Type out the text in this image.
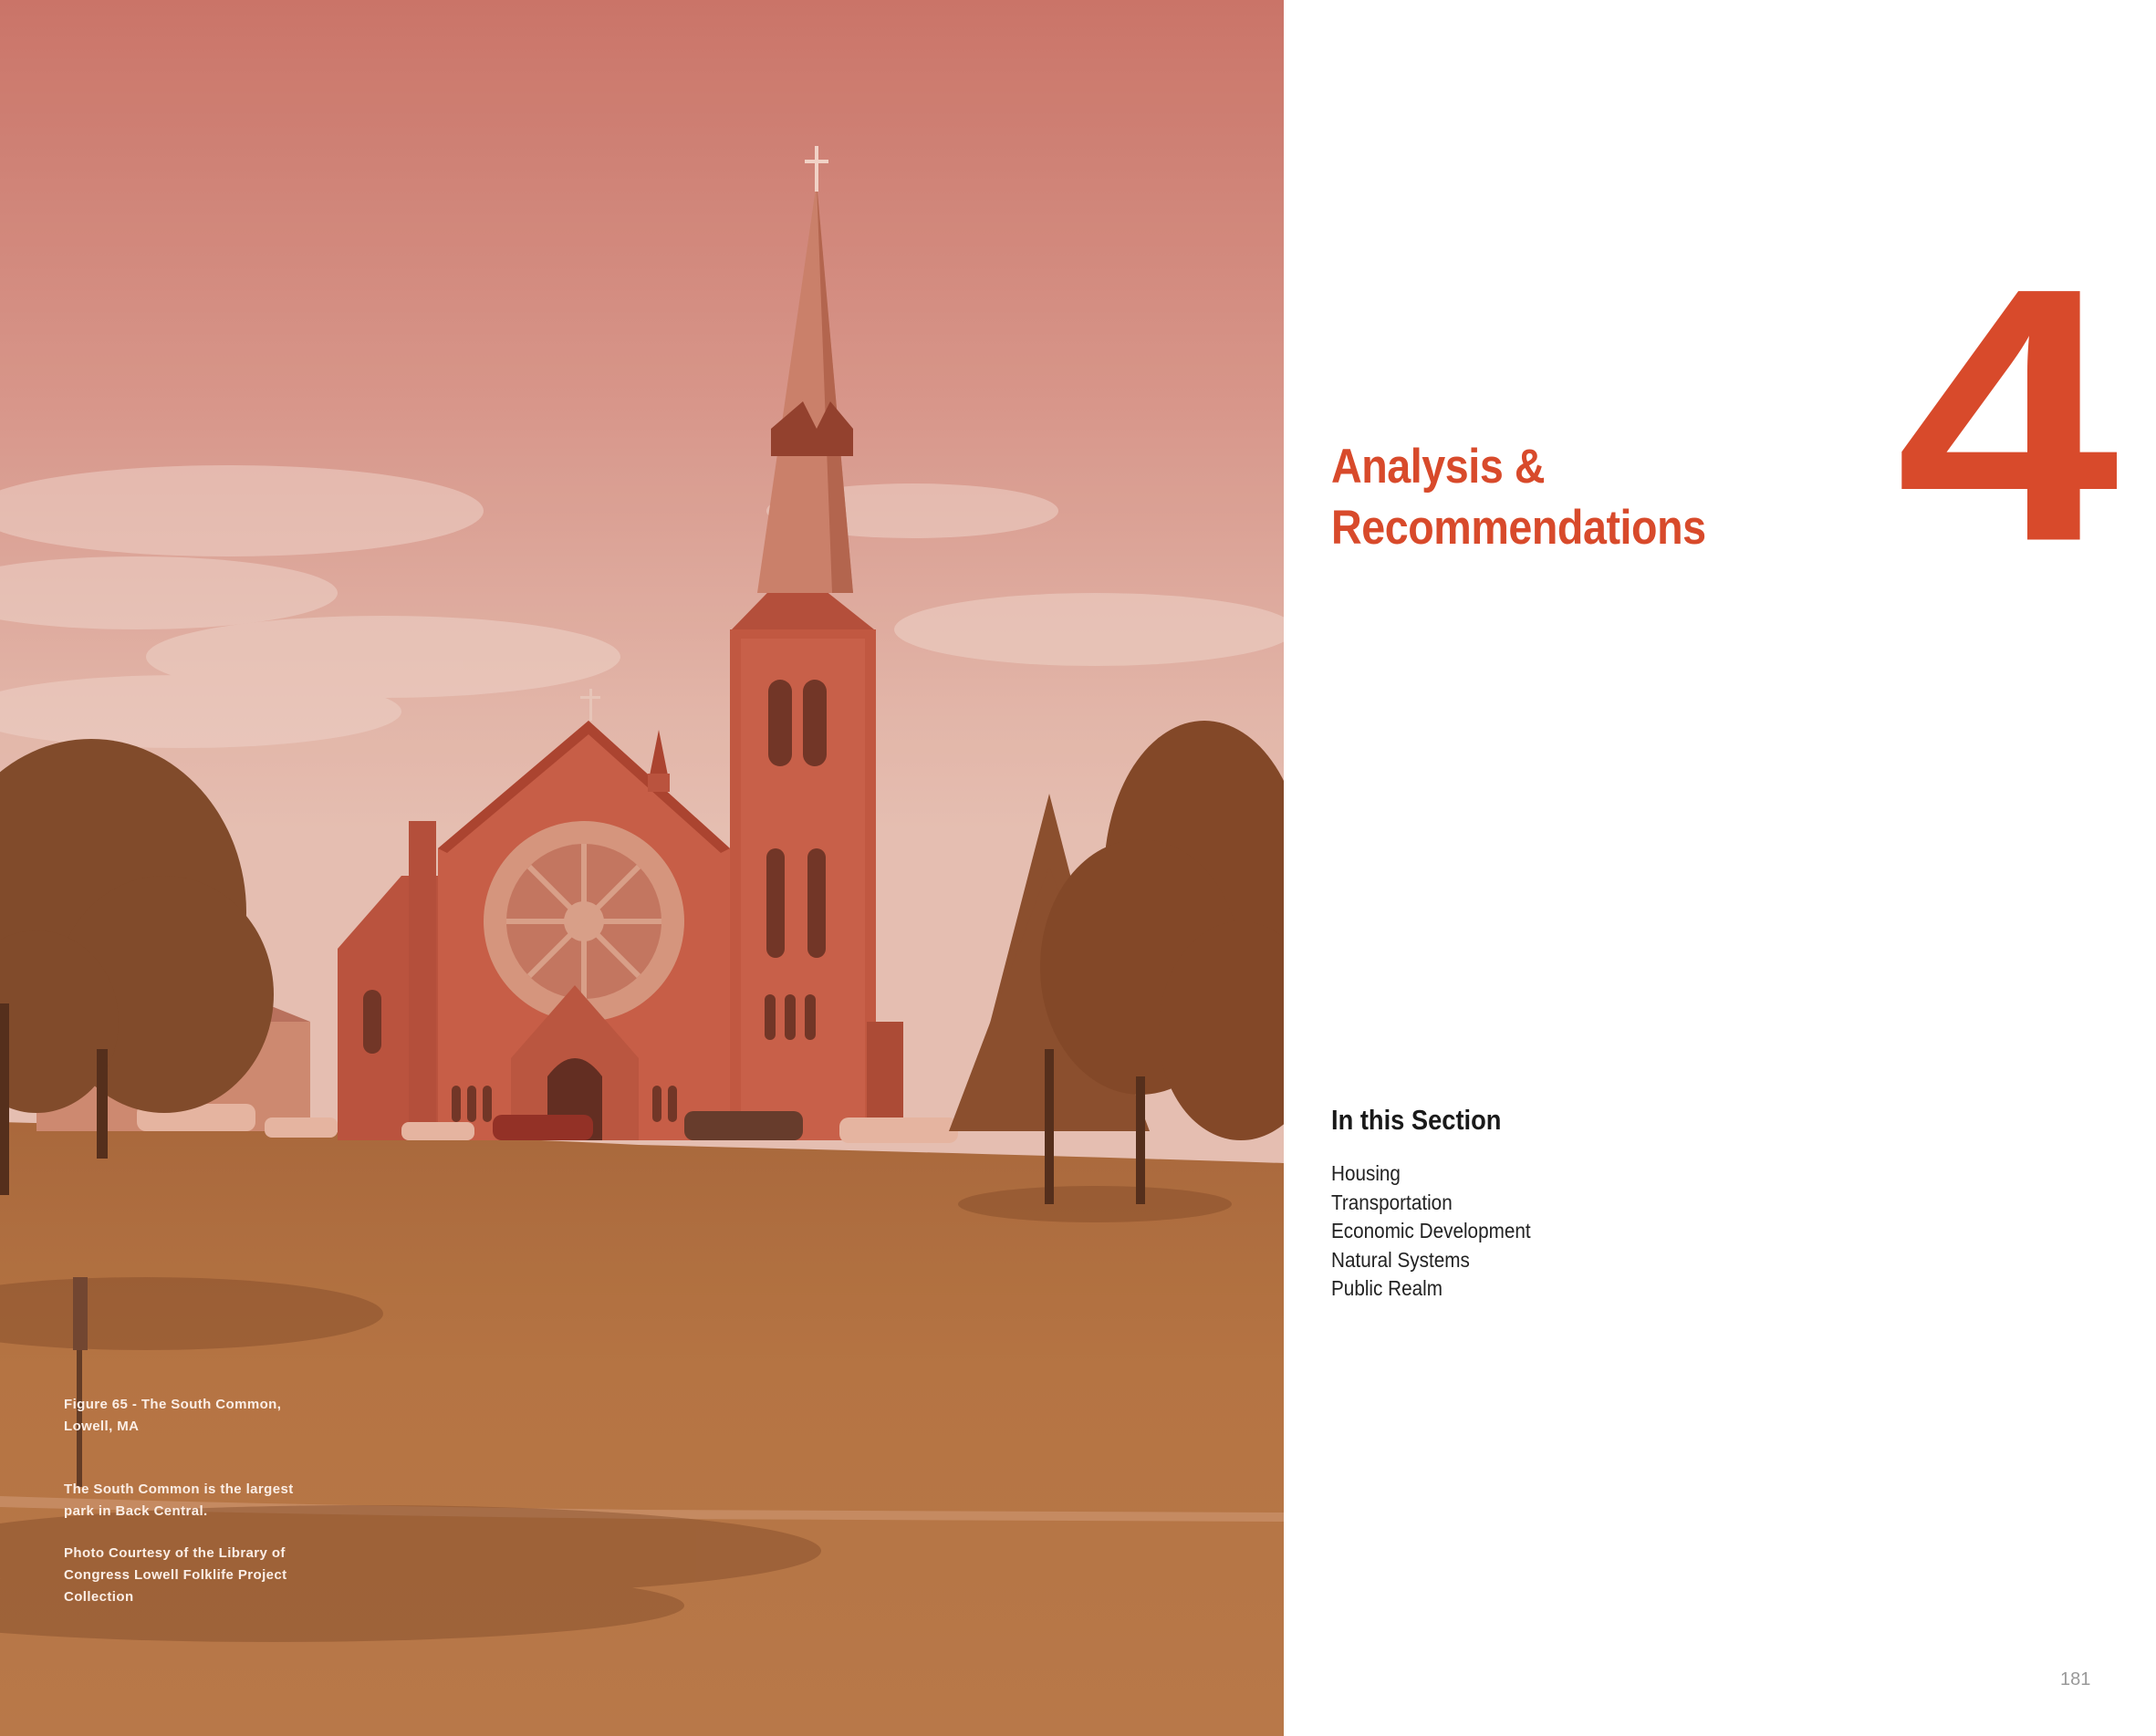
Figure 65 - The South Common,

Lowell, MA

The South Common is the largest

park in Back Central.

Photo Courtesy of the Library of

Congress Lowell Folklife Project

Collection

4
Analysis &
Recommendations
In this Section
Housing
Transportation
Economic Development
Natural Systems
Public Realm
181
